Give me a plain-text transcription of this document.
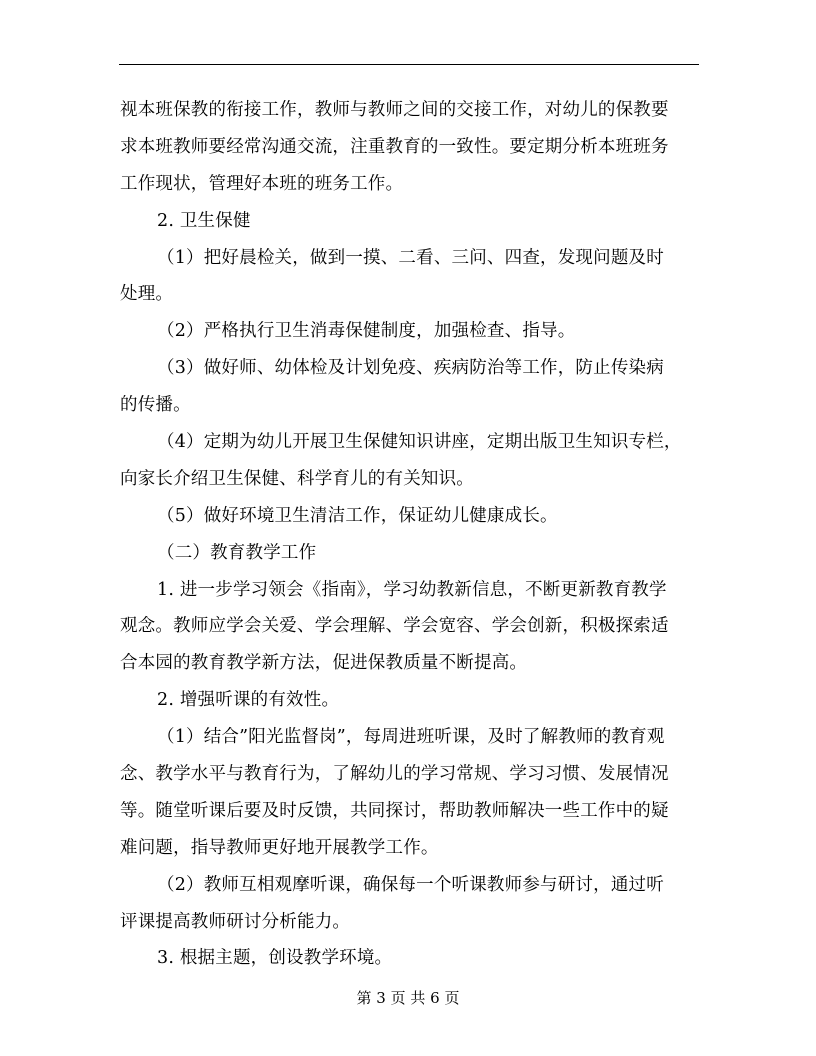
视本班保教的衔接工作，教师与教师之间的交接工作，对幼儿的保教要
求本班教师要经常沟通交流，注重教育的一致性。要定期分析本班班务
工作现状，管理好本班的班务工作。
2. 卫生保健
（1）把好晨检关，做到一摸、二看、三问、四查，发现问题及时
处理。
（2）严格执行卫生消毒保健制度，加强检查、指导。
（3）做好师、幼体检及计划免疫、疾病防治等工作，防止传染病
的传播。
（4）定期为幼儿开展卫生保健知识讲座，定期出版卫生知识专栏，
向家长介绍卫生保健、科学育儿的有关知识。
（5）做好环境卫生清洁工作，保证幼儿健康成长。
（二）教育教学工作
1. 进一步学习领会《指南》，学习幼教新信息，不断更新教育教学
观念。教师应学会关爱、学会理解、学会宽容、学会创新，积极探索适
合本园的教育教学新方法，促进保教质量不断提高。
2. 增强听课的有效性。
（1）结合”阳光监督岗”，每周进班听课，及时了解教师的教育观
念、教学水平与教育行为，了解幼儿的学习常规、学习习惯、发展情况
等。随堂听课后要及时反馈，共同探讨，帮助教师解决一些工作中的疑
难问题，指导教师更好地开展教学工作。
（2）教师互相观摩听课，确保每一个听课教师参与研讨，通过听
评课提高教师研讨分析能力。
3. 根据主题，创设教学环境。
第 3 页 共 6 页
